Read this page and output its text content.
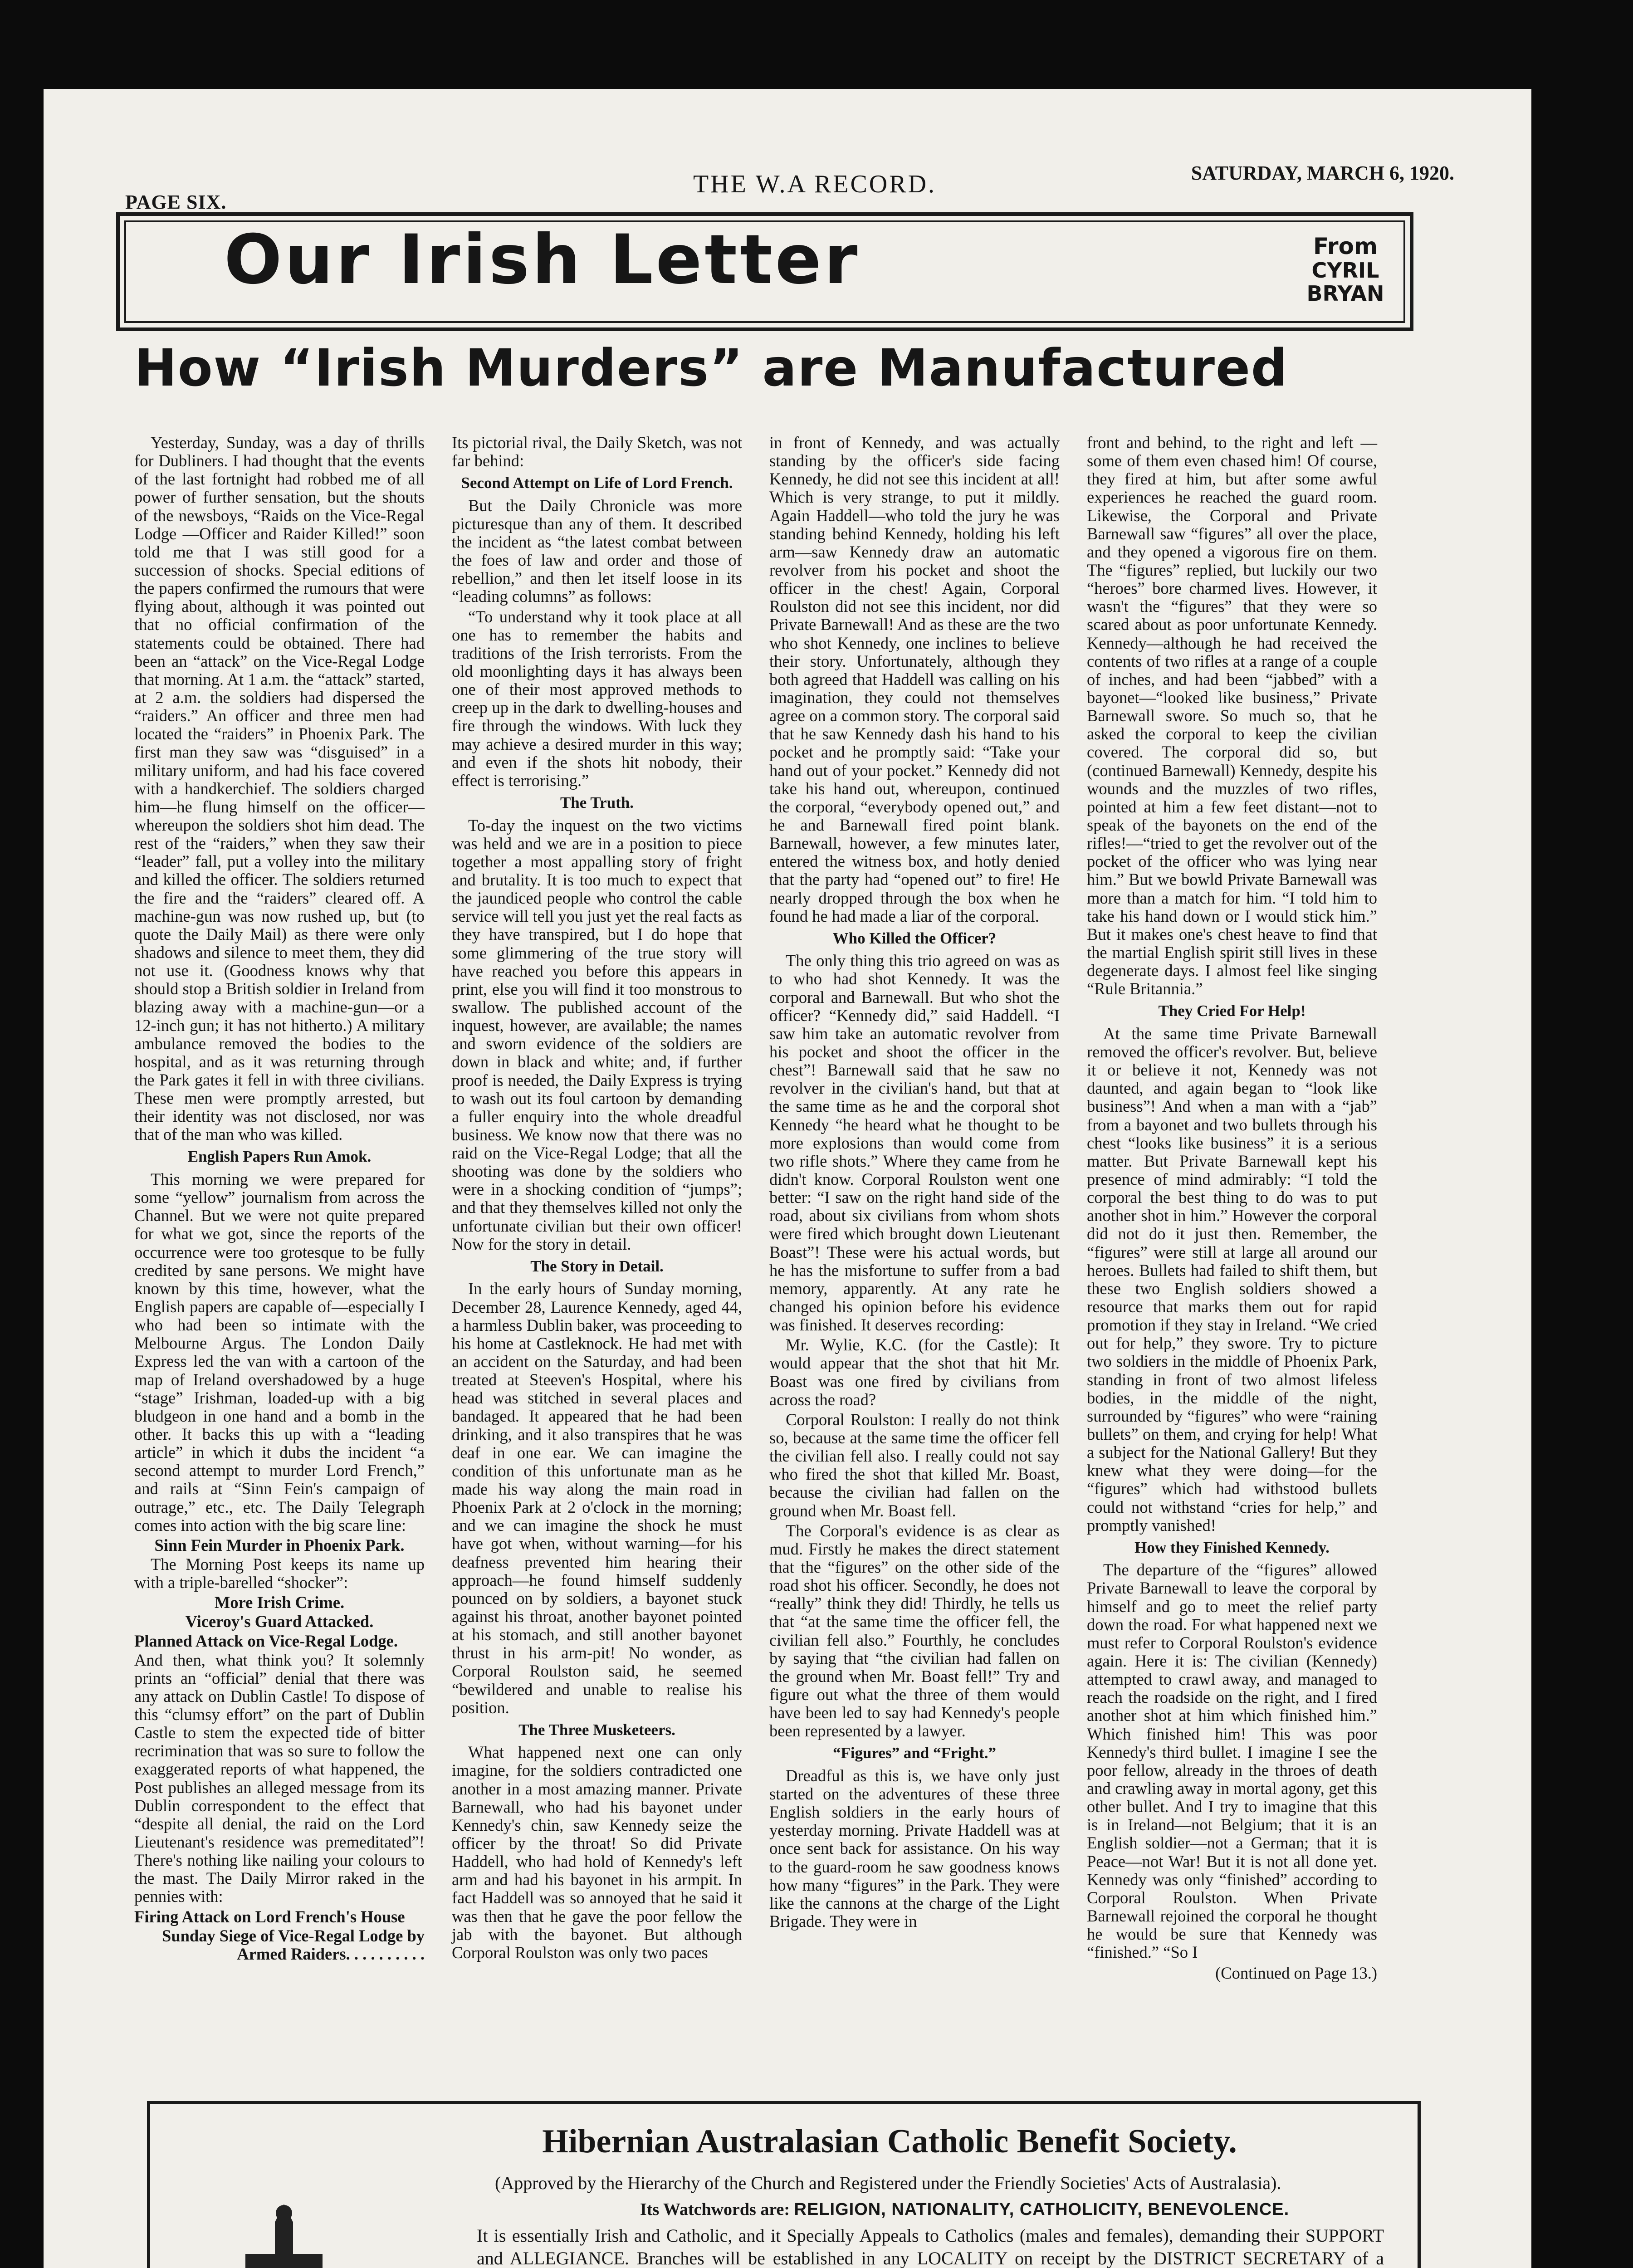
PAGE SIX.
THE W.A RECORD.	SATURDAY, MARCH 6, 1920.
Our Irish Letter	From
CYRIL BRYAN
How “Irish Murders” are Manufactured

Yesterday, Sunday, was a day of thrills for Dubliners. I had thought that the events of the last fortnight had robbed me of all power of further sensation, but the shouts of the newsboys, “Raids on the Vice-Regal Lodge —Officer and Raider Killed!” soon told me that I was still good for a succession of shocks. Special editions of the papers confirmed the rumours that were flying about, although it was pointed out that no official confirmation of the statements could be obtained. There had been an “attack” on the Vice-Regal Lodge that morning. At 1 a.m. the “attack” started, at 2 a.m. the soldiers had dispersed the “raiders.” An officer and three men had located the “raiders” in Phoenix Park. The first man they saw was “disguised” in a military uniform, and had his face covered with a handkerchief. The soldiers charged him—he flung himself on the officer—whereupon the soldiers shot him dead. The rest of the “raiders,” when they saw their “leader” fall, put a volley into the military and killed the officer. The soldiers returned the fire and the “raiders” cleared off. A machine-gun was now rushed up, but (to quote the Daily Mail) as there were only shadows and silence to meet them, they did not use it. (Goodness knows why that should stop a British soldier in Ireland from blazing away with a machine-gun—or a 12-inch gun; it has not hitherto.) A military ambulance removed the bodies to the hospital, and as it was returning through the Park gates it fell in with three civilians. These men were promptly arrested, but their identity was not disclosed, nor was that of the man who was killed.

English Papers Run Amok.

This morning we were prepared for some “yellow” journalism from across the Channel. But we were not quite prepared for what we got, since the reports of the occurrence were too grotesque to be fully credited by sane persons. We might have known by this time, however, what the English papers are capable of—especially I who had been so intimate with the Melbourne Argus. The London Daily Express led the van with a cartoon of the map of Ireland overshadowed by a huge “stage” Irishman, loaded-up with a big bludgeon in one hand and a bomb in the other. It backs this up with a “leading article” in which it dubs the incident “a second attempt to murder Lord French,” and rails at “Sinn Fein's campaign of outrage,” etc., etc. The Daily Telegraph comes into action with the big scare line:

Sinn Fein Murder in Phoenix Park.

The Morning Post keeps its name up with a triple-barelled “shocker”:

More Irish Crime.
Viceroy's Guard Attacked.
Planned Attack on Vice-Regal Lodge.

And then, what think you? It solemnly prints an “official” denial that there was any attack on Dublin Castle! To dispose of this “clumsy effort” on the part of Dublin Castle to stem the expected tide of bitter recrimination that was so sure to follow the exaggerated reports of what happened, the Post publishes an alleged message from its Dublin correspondent to the effect that “despite all denial, the raid on the Lord Lieutenant's residence was premeditated”! There's nothing like nailing your colours to the mast. The Daily Mirror raked in the pennies with:

Firing Attack on Lord French's House
Sunday Siege of Vice-Regal Lodge by Armed Raiders. . . . . . . . . .

Its pictorial rival, the Daily Sketch, was not far behind:

Second Attempt on Life of Lord French.

But the Daily Chronicle was more picturesque than any of them. It described the incident as “the latest combat between the foes of law and order and those of rebellion,” and then let itself loose in its “leading columns” as follows:

“To understand why it took place at all one has to remember the habits and traditions of the Irish terrorists. From the old moonlighting days it has always been one of their most approved methods to creep up in the dark to dwelling-houses and fire through the windows. With luck they may achieve a desired murder in this way; and even if the shots hit nobody, their effect is terrorising.”

The Truth.

To-day the inquest on the two victims was held and we are in a position to piece together a most appalling story of fright and brutality. It is too much to expect that the jaundiced people who control the cable service will tell you just yet the real facts as they have transpired, but I do hope that some glimmering of the true story will have reached you before this appears in print, else you will find it too monstrous to swallow. The published account of the inquest, however, are available; the names and sworn evidence of the soldiers are down in black and white; and, if further proof is needed, the Daily Express is trying to wash out its foul cartoon by demanding a fuller enquiry into the whole dreadful business. We know now that there was no raid on the Vice-Regal Lodge; that all the shooting was done by the soldiers who were in a shocking condition of “jumps”; and that they themselves killed not only the unfortunate civilian but their own officer! Now for the story in detail.

The Story in Detail.

In the early hours of Sunday morning, December 28, Laurence Kennedy, aged 44, a harmless Dublin baker, was proceeding to his home at Castleknock. He had met with an accident on the Saturday, and had been treated at Steeven's Hospital, where his head was stitched in several places and bandaged. It appeared that he had been drinking, and it also transpires that he was deaf in one ear. We can imagine the condition of this unfortunate man as he made his way along the main road in Phoenix Park at 2 o'clock in the morning; and we can imagine the shock he must have got when, without warning—for his deafness prevented him hearing their approach—he found himself suddenly pounced on by soldiers, a bayonet stuck against his throat, another bayonet pointed at his stomach, and still another bayonet thrust in his arm-pit! No wonder, as Corporal Roulston said, he seemed “bewildered and unable to realise his position.

The Three Musketeers.

What happened next one can only imagine, for the soldiers contradicted one another in a most amazing manner. Private Barnewall, who had his bayonet under Kennedy's chin, saw Kennedy seize the officer by the throat! So did Private Haddell, who had hold of Kennedy's left arm and had his bayonet in his armpit. In fact Haddell was so annoyed that he said it was then that he gave the poor fellow the jab with the bayonet. But although Corporal Roulston was only two paces

in front of Kennedy, and was actually standing by the officer's side facing Kennedy, he did not see this incident at all! Which is very strange, to put it mildly. Again Haddell—who told the jury he was standing behind Kennedy, holding his left arm—saw Kennedy draw an automatic revolver from his pocket and shoot the officer in the chest! Again, Corporal Roulston did not see this incident, nor did Private Barnewall! And as these are the two who shot Kennedy, one inclines to believe their story. Unfortunately, although they both agreed that Haddell was calling on his imagination, they could not themselves agree on a common story. The corporal said that he saw Kennedy dash his hand to his pocket and he promptly said: “Take your hand out of your pocket.” Kennedy did not take his hand out, whereupon, continued the corporal, “everybody opened out,” and he and Barnewall fired point blank. Barnewall, however, a few minutes later, entered the witness box, and hotly denied that the party had “opened out” to fire! He nearly dropped through the box when he found he had made a liar of the corporal.

Who Killed the Officer?

The only thing this trio agreed on was as to who had shot Kennedy. It was the corporal and Barnewall. But who shot the officer? “Kennedy did,” said Haddell. “I saw him take an automatic revolver from his pocket and shoot the officer in the chest”! Barnewall said that he saw no revolver in the civilian's hand, but that at the same time as he and the corporal shot Kennedy “he heard what he thought to be more explosions than would come from two rifle shots.” Where they came from he didn't know. Corporal Roulston went one better: “I saw on the right hand side of the road, about six civilians from whom shots were fired which brought down Lieutenant Boast”! These were his actual words, but he has the misfortune to suffer from a bad memory, apparently. At any rate he changed his opinion before his evidence was finished. It deserves recording:

Mr. Wylie, K.C. (for the Castle): It would appear that the shot that hit Mr. Boast was one fired by civilians from across the road?

Corporal Roulston: I really do not think so, because at the same time the officer fell the civilian fell also. I really could not say who fired the shot that killed Mr. Boast, because the civilian had fallen on the ground when Mr. Boast fell.

The Corporal's evidence is as clear as mud. Firstly he makes the direct statement that the “figures” on the other side of the road shot his officer. Secondly, he does not “really” think they did! Thirdly, he tells us that “at the same time the officer fell, the civilian fell also.” Fourthly, he concludes by saying that “the civilian had fallen on the ground when Mr. Boast fell!” Try and figure out what the three of them would have been led to say had Kennedy's people been represented by a lawyer.

“Figures” and “Fright.”

Dreadful as this is, we have only just started on the adventures of these three English soldiers in the early hours of yesterday morning. Private Haddell was at once sent back for assistance. On his way to the guard-room he saw goodness knows how many “figures” in the Park. They were like the cannons at the charge of the Light Brigade. They were in

front and behind, to the right and left —some of them even chased him! Of course, they fired at him, but after some awful experiences he reached the guard room. Likewise, the Corporal and Private Barnewall saw “figures” all over the place, and they opened a vigorous fire on them. The “figures” replied, but luckily our two “heroes” bore charmed lives. However, it wasn't the “figures” that they were so scared about as poor unfortunate Kennedy. Kennedy—although he had received the contents of two rifles at a range of a couple of inches, and had been “jabbed” with a bayonet—“looked like business,” Private Barnewall swore. So much so, that he asked the corporal to keep the civilian covered. The corporal did so, but (continued Barnewall) Kennedy, despite his wounds and the muzzles of two rifles, pointed at him a few feet distant—not to speak of the bayonets on the end of the rifles!—“tried to get the revolver out of the pocket of the officer who was lying near him.” But we bowld Private Barnewall was more than a match for him. “I told him to take his hand down or I would stick him.” But it makes one's chest heave to find that the martial English spirit still lives in these degenerate days. I almost feel like singing “Rule Britannia.”

They Cried For Help!

At the same time Private Barnewall removed the officer's revolver. But, believe it or believe it not, Kennedy was not daunted, and again began to “look like business”! And when a man with a “jab” from a bayonet and two bullets through his chest “looks like business” it is a serious matter. But Private Barnewall kept his presence of mind admirably: “I told the corporal the best thing to do was to put another shot in him.” However the corporal did not do it just then. Remember, the “figures” were still at large all around our heroes. Bullets had failed to shift them, but these two English soldiers showed a resource that marks them out for rapid promotion if they stay in Ireland. “We cried out for help,” they swore. Try to picture two soldiers in the middle of Phoenix Park, standing in front of two almost lifeless bodies, in the middle of the night, surrounded by “figures” who were “raining bullets” on them, and crying for help! What a subject for the National Gallery! But they knew what they were doing—for the “figures” which had withstood bullets could not withstand “cries for help,” and promptly vanished!

How they Finished Kennedy.

The departure of the “figures” allowed Private Barnewall to leave the corporal by himself and go to meet the relief party down the road. For what happened next we must refer to Corporal Roulston's evidence again. Here it is: The civilian (Kennedy) attempted to crawl away, and managed to reach the roadside on the right, and I fired another shot at him which finished him.” Which finished him! This was poor Kennedy's third bullet. I imagine I see the poor fellow, already in the throes of death and crawling away in mortal agony, get this other bullet. And I try to imagine that this is in Ireland—not Belgium; that it is an English soldier—not a German; that it is Peace—not War! But it is not all done yet. Kennedy was only “finished” according to Corporal Roulston. When Private Barnewall rejoined the corporal he thought he would be sure that Kennedy was “finished.” “So I

(Continued on Page 13.)
Hibernian Australasian Catholic Benefit Society.
(Approved by the Hierarchy of the Church and Registered under the Friendly Societies' Acts of Australasia).
Its Watchwords are: RELIGION, NATIONALITY, CATHOLICITY, BENEVOLENCE.
It is essentially Irish and Catholic, and it Specially Appeals to Catholics (males and females), demanding their SUPPORT and ALLEGIANCE. Branches will be established in any LOCALITY on receipt by the DISTRICT SECRETARY of a
